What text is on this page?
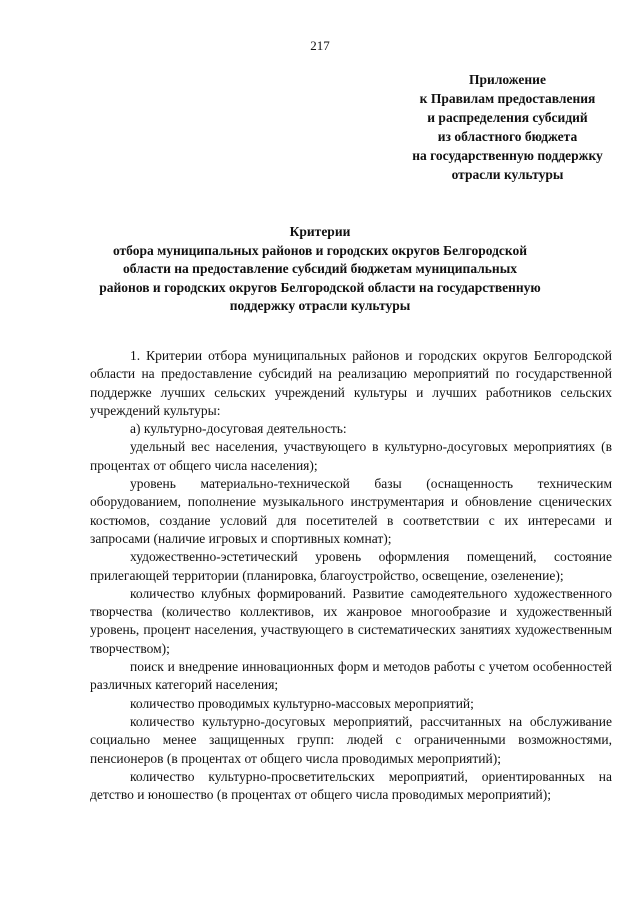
217
Приложение
к Правилам предоставления
и распределения субсидий
из областного бюджета
на государственную поддержку
отрасли культуры
Критерии
отбора муниципальных районов и городских округов Белгородской
области на предоставление субсидий бюджетам муниципальных
районов и городских округов Белгородской области на государственную
поддержку отрасли культуры

1. Критерии отбора муниципальных районов и городских округов Белгородской области на предоставление субсидий на реализацию мероприятий по государственной поддержке лучших сельских учреждений культуры и лучших работников сельских учреждений культуры:

а) культурно-досуговая деятельность:

удельный вес населения, участвующего в культурно-досуговых мероприятиях (в процентах от общего числа населения);

уровень материально-технической базы (оснащенность техническим оборудованием, пополнение музыкального инструментария и обновление сценических костюмов, создание условий для посетителей в соответствии с их интересами и запросами (наличие игровых и спортивных комнат);

художественно-эстетический уровень оформления помещений, состояние прилегающей территории (планировка, благоустройство, освещение, озеленение);

количество клубных формирований. Развитие самодеятельного художественного творчества (количество коллективов, их жанровое многообразие и художественный уровень, процент населения, участвующего в систематических занятиях художественным творчеством);

поиск и внедрение инновационных форм и методов работы с учетом особенностей различных категорий населения;

количество проводимых культурно-массовых мероприятий;

количество культурно-досуговых мероприятий, рассчитанных на обслуживание социально менее защищенных групп: людей с ограниченными возможностями, пенсионеров (в процентах от общего числа проводимых мероприятий);

количество культурно-просветительских мероприятий, ориентированных на детство и юношество (в процентах от общего числа проводимых мероприятий);
